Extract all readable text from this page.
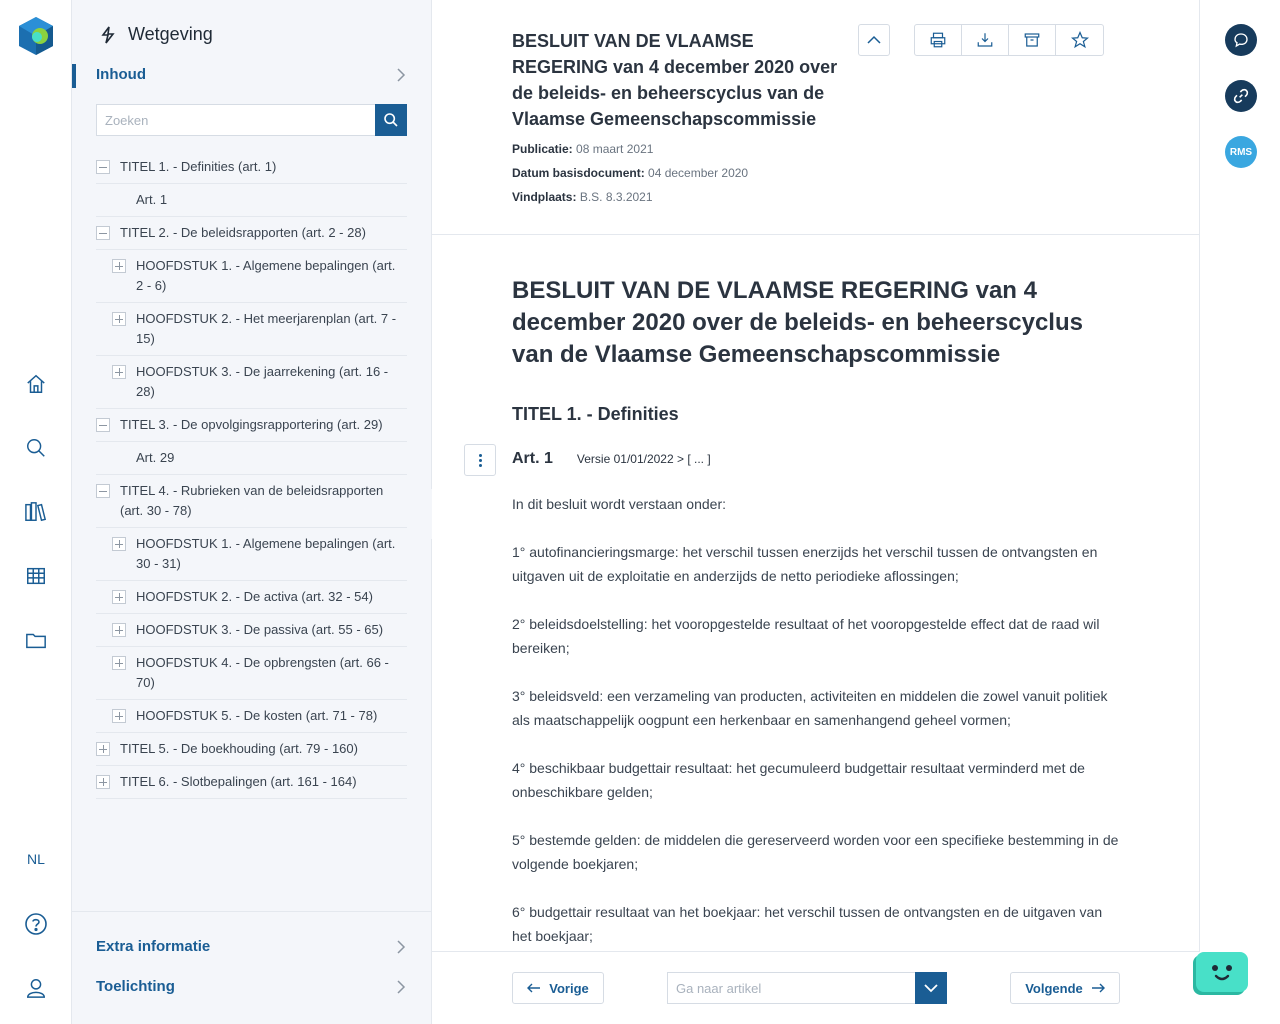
NL
Wetgeving
Inhoud
Zoeken
TITEL 1. - Definities (art. 1)
Art. 1
TITEL 2. - De beleidsrapporten (art. 2 - 28)
HOOFDSTUK 1. - Algemene bepalingen (art. 2 - 6)
HOOFDSTUK 2. - Het meerjarenplan (art. 7 - 15)
HOOFDSTUK 3. - De jaarrekening (art. 16 - 28)
TITEL 3. - De opvolgingsrapportering (art. 29)
Art. 29
TITEL 4. - Rubrieken van de beleidsrapporten (art. 30 - 78)
HOOFDSTUK 1. - Algemene bepalingen (art. 30 - 31)
HOOFDSTUK 2. - De activa (art. 32 - 54)
HOOFDSTUK 3. - De passiva (art. 55 - 65)
HOOFDSTUK 4. - De opbrengsten (art. 66 - 70)
HOOFDSTUK 5. - De kosten (art. 71 - 78)
TITEL 5. - De boekhouding (art. 79 - 160)
TITEL 6. - Slotbepalingen (art. 161 - 164)
Extra informatie
Toelichting
BESLUIT VAN DE VLAAMSE REGERING van 4 december 2020 over de beleids- en beheerscyclus van de Vlaamse Gemeenschapscommissie
Publicatie: 08 maart 2021
Datum basisdocument: 04 december 2020
Vindplaats: B.S. 8.3.2021
BESLUIT VAN DE VLAAMSE REGERING van 4 december 2020 over de beleids- en beheerscyclus van de Vlaamse Gemeenschapscommissie
TITEL 1. - Definities
Art. 1 Versie 01/01/2022 > [ ... ]

In dit besluit wordt verstaan onder:

1° autofinancieringsmarge: het verschil tussen enerzijds het verschil tussen de ontvangsten en uitgaven uit de exploitatie en anderzijds de netto periodieke aflossingen;

2° beleidsdoelstelling: het vooropgestelde resultaat of het vooropgestelde effect dat de raad wil bereiken;

3° beleidsveld: een verzameling van producten, activiteiten en middelen die zowel vanuit politiek als maatschappelijk oogpunt een herkenbaar en samenhangend geheel vormen;

4° beschikbaar budgettair resultaat: het gecumuleerd budgettair resultaat verminderd met de onbeschikbare gelden;

5° bestemde gelden: de middelen die gereserveerd worden voor een specifieke bestemming in de volgende boekjaren;

6° budgettair resultaat van het boekjaar: het verschil tussen de ontvangsten en de uitgaven van het boekjaar;

Vorige
Ga naar artikel	Volgende
RMS
